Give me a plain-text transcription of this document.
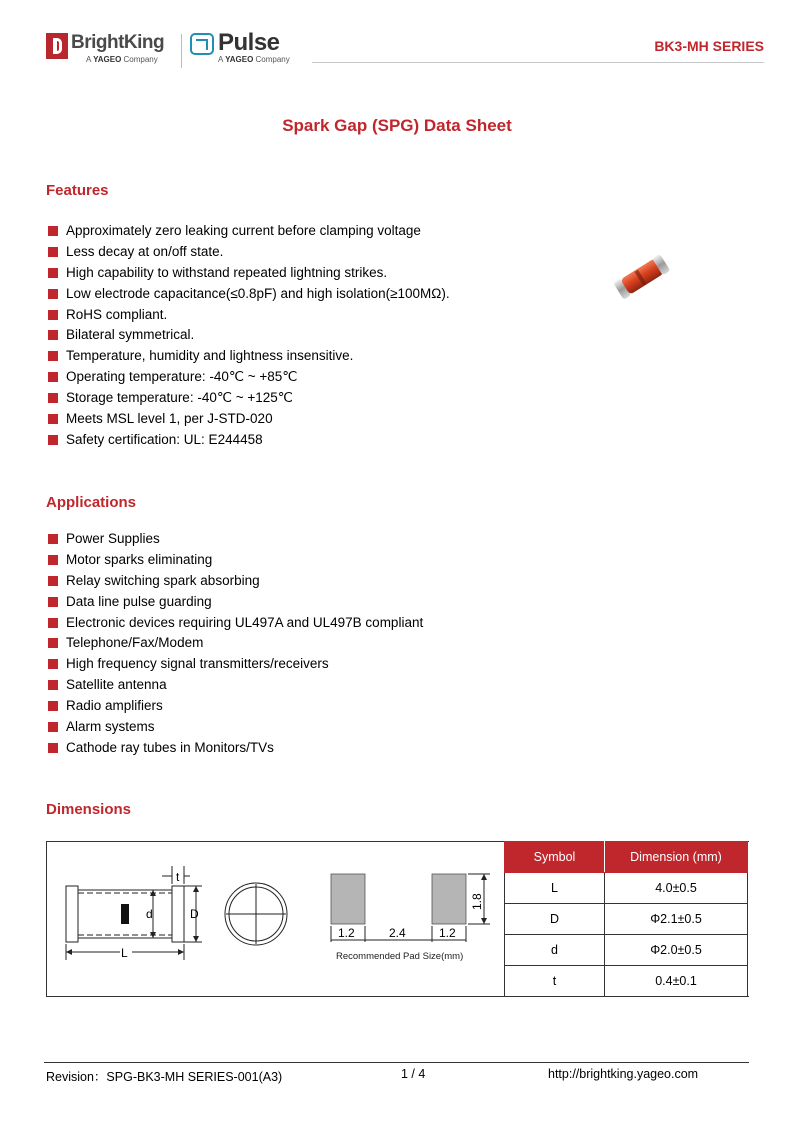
BrightKing
A YAGEO Company
Pulse
A YAGEO Company
BK3-MH SERIES
Spark Gap (SPG) Data Sheet
Features
Approximately zero leaking current before clamping voltage
Less decay at on/off state.
High capability to withstand repeated lightning strikes.
Low electrode capacitance(≤0.8pF) and high isolation(≥100MΩ).
RoHS compliant.
Bilateral symmetrical.
Temperature, humidity and lightness insensitive.
Operating temperature: -40℃ ~ +85℃
Storage temperature: -40℃ ~ +125℃
Meets MSL level 1, per J-STD-020
Safety certification: UL: E244458
Applications
Power Supplies
Motor sparks eliminating
Relay switching spark absorbing
Data line pulse guarding
Electronic devices requiring UL497A and UL497B compliant
Telephone/Fax/Modem
High frequency signal transmitters/receivers
Satellite antenna
Radio amplifiers
Alarm systems
Cathode ray tubes in Monitors/TVs
Dimensions
t
d	D
L
1.2	2.4	1.2
1.8
Recommended Pad Size(mm)
Symbol	Dimension (mm)
L	4.0±0.5
D	Φ2.1±0.5
d	Φ2.0±0.5
t	0.4±0.1
Revision：SPG-BK3-MH SERIES-001(A3)	1 / 4	http://brightking.yageo.com
